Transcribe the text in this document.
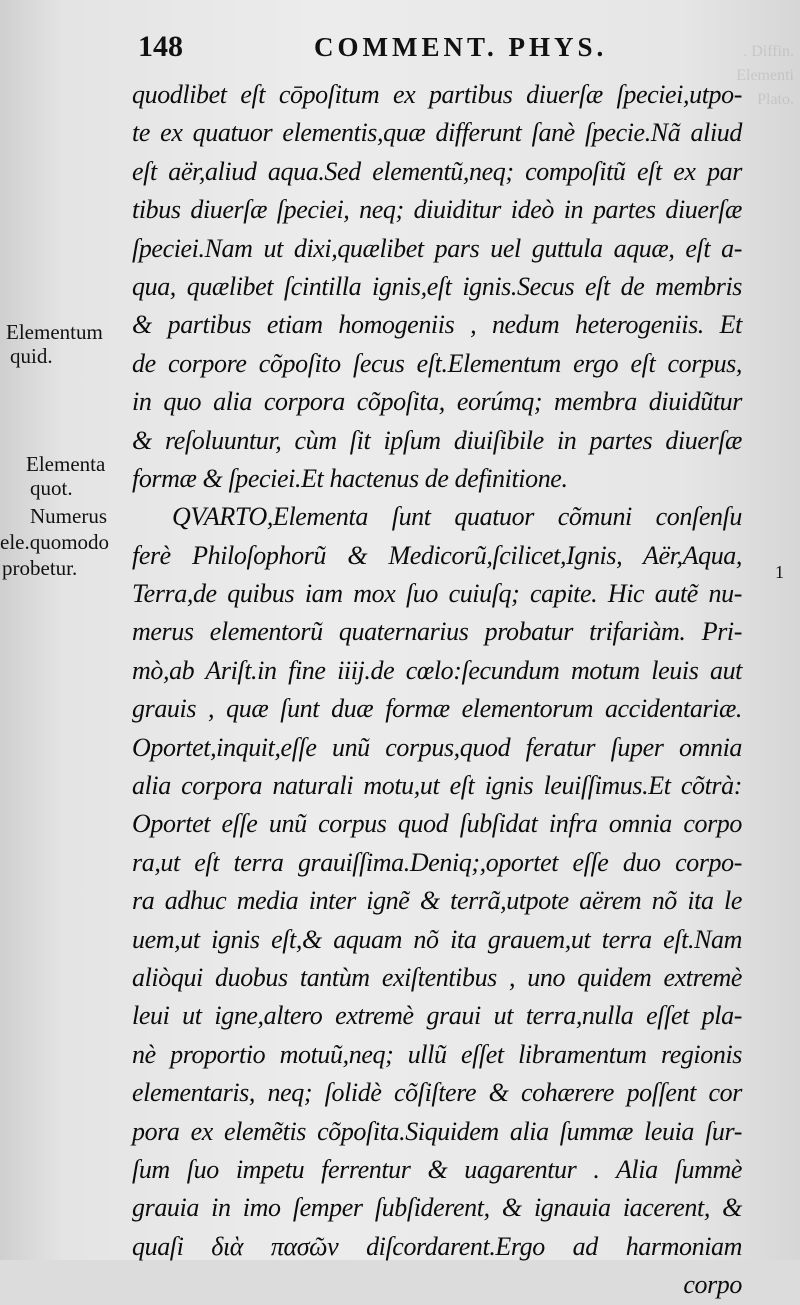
. Diffin.
Elementi
Plato.
148	COMMENT. PHYS.
Elementum
quid.
Elementa
quot.
Numerus
ele.quomodo
probetur.	1
quodlibet eſt cōpoſitum ex partibus diuerſæ ſpeciei,utpo-
te ex quatuor elementis,quæ differunt ſanè ſpecie.Nã aliud
eſt aër,aliud aqua.Sed elementũ,neq; compoſitũ eſt ex par
tibus diuerſæ ſpeciei, neq; diuiditur ideò in partes diuerſæ
ſpeciei.Nam ut dixi,quælibet pars uel guttula aquæ, eſt a-
qua, quælibet ſcintilla ignis,eſt ignis.Secus eſt de membris
& partibus etiam homogeniis , nedum heterogeniis. Et
de corpore cõpoſito ſecus eſt.Elementum ergo eſt corpus,
in quo alia corpora cõpoſita, eorúmq; membra diuidũtur
& reſoluuntur, cùm ſit ipſum diuiſibile in partes diuerſæ
formæ & ſpeciei.Et hactenus de definitione.
QVARTO,Elementa ſunt quatuor cõmuni conſenſu
ferè Philoſophorũ & Medicorũ,ſcilicet,Ignis, Aër,Aqua,
Terra,de quibus iam mox ſuo cuiuſq; capite. Hic autẽ nu-
merus elementorũ quaternarius probatur trifariàm. Pri-
mò,ab Ariſt.in fine iiij.de cœlo:ſecundum motum leuis aut
grauis , quæ ſunt duæ formæ elementorum accidentariæ.
Oportet,inquit,eſſe unũ corpus,quod feratur ſuper omnia
alia corpora naturali motu,ut eſt ignis leuiſſimus.Et cõtrà:
Oportet eſſe unũ corpus quod ſubſidat infra omnia corpo
ra,ut eſt terra grauiſſima.Deniq;,oportet eſſe duo corpo-
ra adhuc media inter ignẽ & terrã,utpote aërem nõ ita le
uem,ut ignis eſt,& aquam nõ ita grauem,ut terra eſt.Nam
aliòqui duobus tantùm exiſtentibus , uno quidem extremè
leui ut igne,altero extremè graui ut terra,nulla eſſet pla-
nè proportio motuũ,neq; ullũ eſſet libramentum regionis
elementaris, neq; ſolidè cõſiſtere & cohærere poſſent cor
pora ex elemẽtis cõpoſita.Siquidem alia ſummæ leuia ſur-
ſum ſuo impetu ferrentur & uagarentur . Alia ſummè
grauia in imo ſemper ſubſiderent, & ignauia iacerent, &
quaſi διὰ πασῶν diſcordarent.Ergo ad harmoniam
corpo
